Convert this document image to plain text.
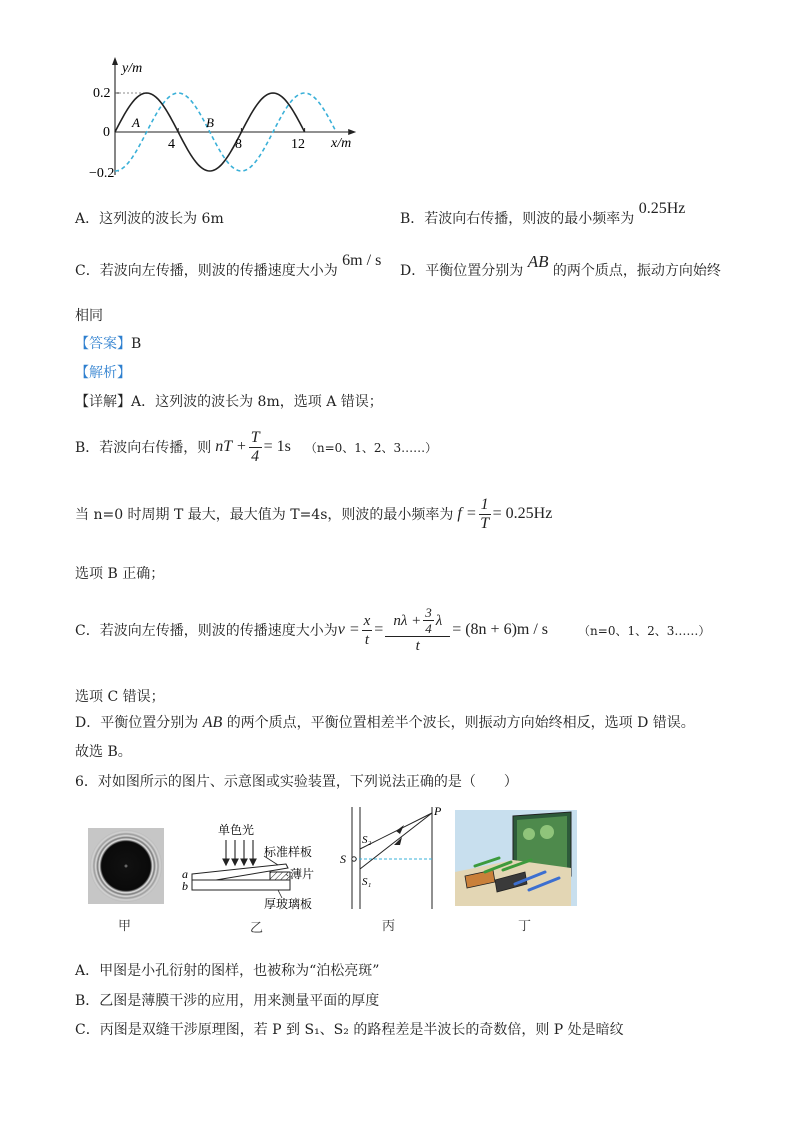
y/m
x/m
0.2
0
−0.2
4	8	12
A	B
A．这列波的波长为 6m	B．若波向右传播，则波的最小频率为 0.25Hz
C．若波向左传播，则波的传播速度大小为 6m / s
D．平衡位置分别为 AB 的两个质点，振动方向始终
相同
【答案】B
【解析】
【详解】A．这列波的波长为 8m，选项 A 错误；
B．若波向右传播，则 nT + $\frac{T}{4} = 1s$ （n=0、1、2、3……）
当 n=0 时周期 T 最大，最大值为 T=4s，则波的最小频率为 $f = \frac{1}{T} = 0.25Hz$
选项 B 正确；
C．若波向左传播，则波的传播速度大小为 $v = \frac{x}{t} = \frac{n\lambda + \frac{3}{4} \lambda}{t} = (8n + 6)m / s$	（n=0、1、2、3……）
选项 C 错误；
D．平衡位置分别为 AB 的两个质点，平衡位置相差半个波长，则振动方向始终相反，选项 D 错误。
故选 B。
6．对如图所示的图片、示意图或实验装置，下列说法正确的是（　　）
单色光
标准样板
薄片
厚玻璃板
a
b
P
S
S₂
S₁
甲	乙	丙	丁
A．甲图是小孔衍射的图样，也被称为“泊松亮斑”
B．乙图是薄膜干涉的应用，用来测量平面的厚度
C．丙图是双缝干涉原理图，若 P 到 S₁、S₂ 的路程差是半波长的奇数倍，则 P 处是暗纹
